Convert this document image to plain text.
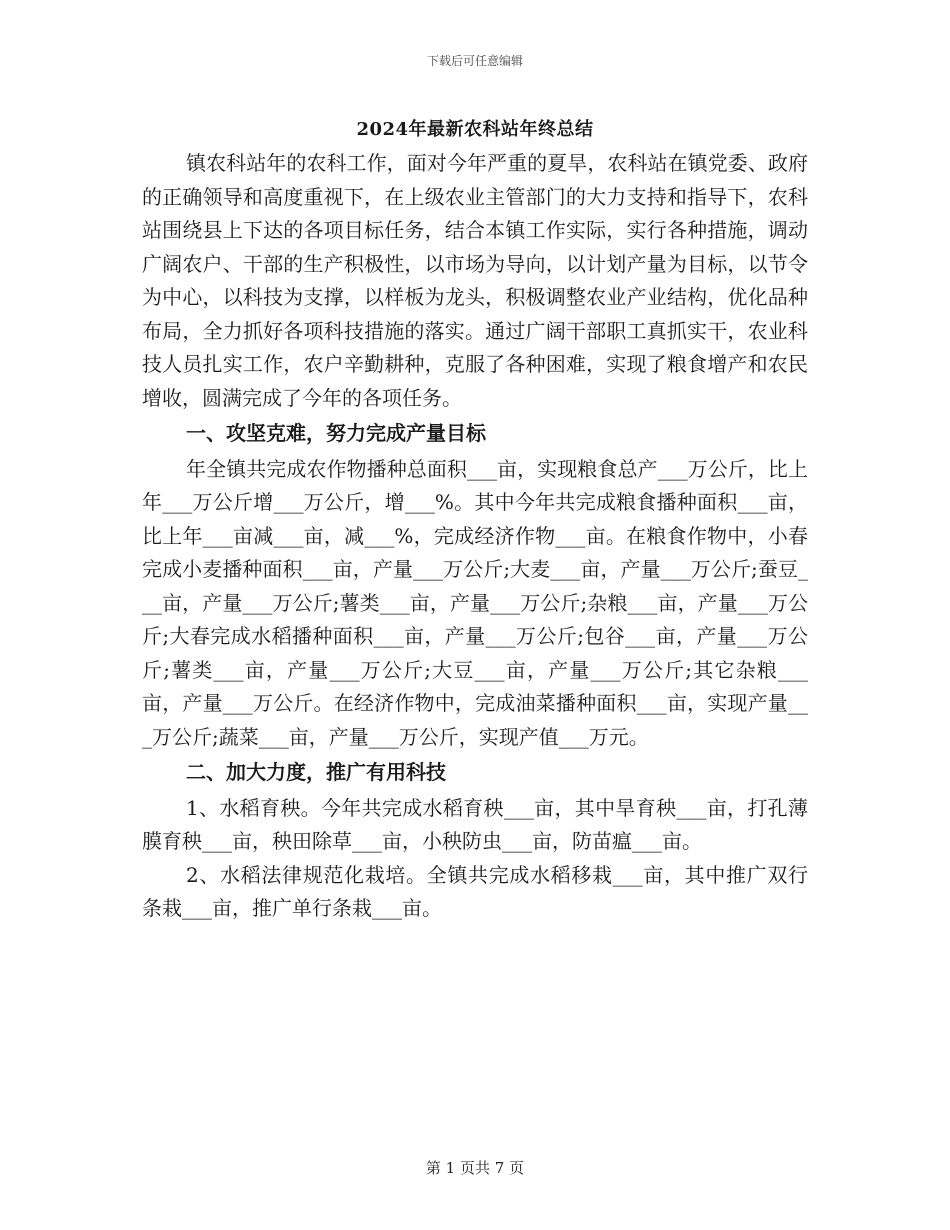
下载后可任意编辑
2024年最新农科站年终总结

镇农科站年的农科工作，面对今年严重的夏旱，农科站在镇党委、政府的正确领导和高度重视下，在上级农业主管部门的大力支持和指导下，农科站围绕县上下达的各项目标任务，结合本镇工作实际，实行各种措施，调动广阔农户、干部的生产积极性，以市场为导向，以计划产量为目标，以节令为中心，以科技为支撑，以样板为龙头，积极调整农业产业结构，优化品种布局，全力抓好各项科技措施的落实。通过广阔干部职工真抓实干，农业科技人员扎实工作，农户辛勤耕种，克服了各种困难，实现了粮食增产和农民增收，圆满完成了今年的各项任务。

一、攻坚克难，努力完成产量目标

年全镇共完成农作物播种总面积___亩，实现粮食总产___万公斤，比上年___万公斤增___万公斤，增___%。其中今年共完成粮食播种面积___亩，比上年___亩减___亩，减___%，完成经济作物___亩。在粮食作物中，小春完成小麦播种面积___亩，产量___万公斤;大麦___亩，产量___万公斤;蚕豆___亩，产量___万公斤;薯类___亩，产量___万公斤;杂粮___亩，产量___万公斤;大春完成水稻播种面积___亩，产量___万公斤;包谷___亩，产量___万公斤;薯类___亩，产量___万公斤;大豆___亩，产量___万公斤;其它杂粮___亩，产量___万公斤。在经济作物中，完成油菜播种面积___亩，实现产量___万公斤;蔬菜___亩，产量___万公斤，实现产值___万元。

二、加大力度，推广有用科技

1、水稻育秧。今年共完成水稻育秧___亩，其中旱育秧___亩，打孔薄膜育秧___亩，秧田除草___亩，小秧防虫___亩，防苗瘟___亩。

2、水稻法律规范化栽培。全镇共完成水稻移栽___亩，其中推广双行条栽___亩，推广单行条栽___亩。

第 1 页共 7 页
